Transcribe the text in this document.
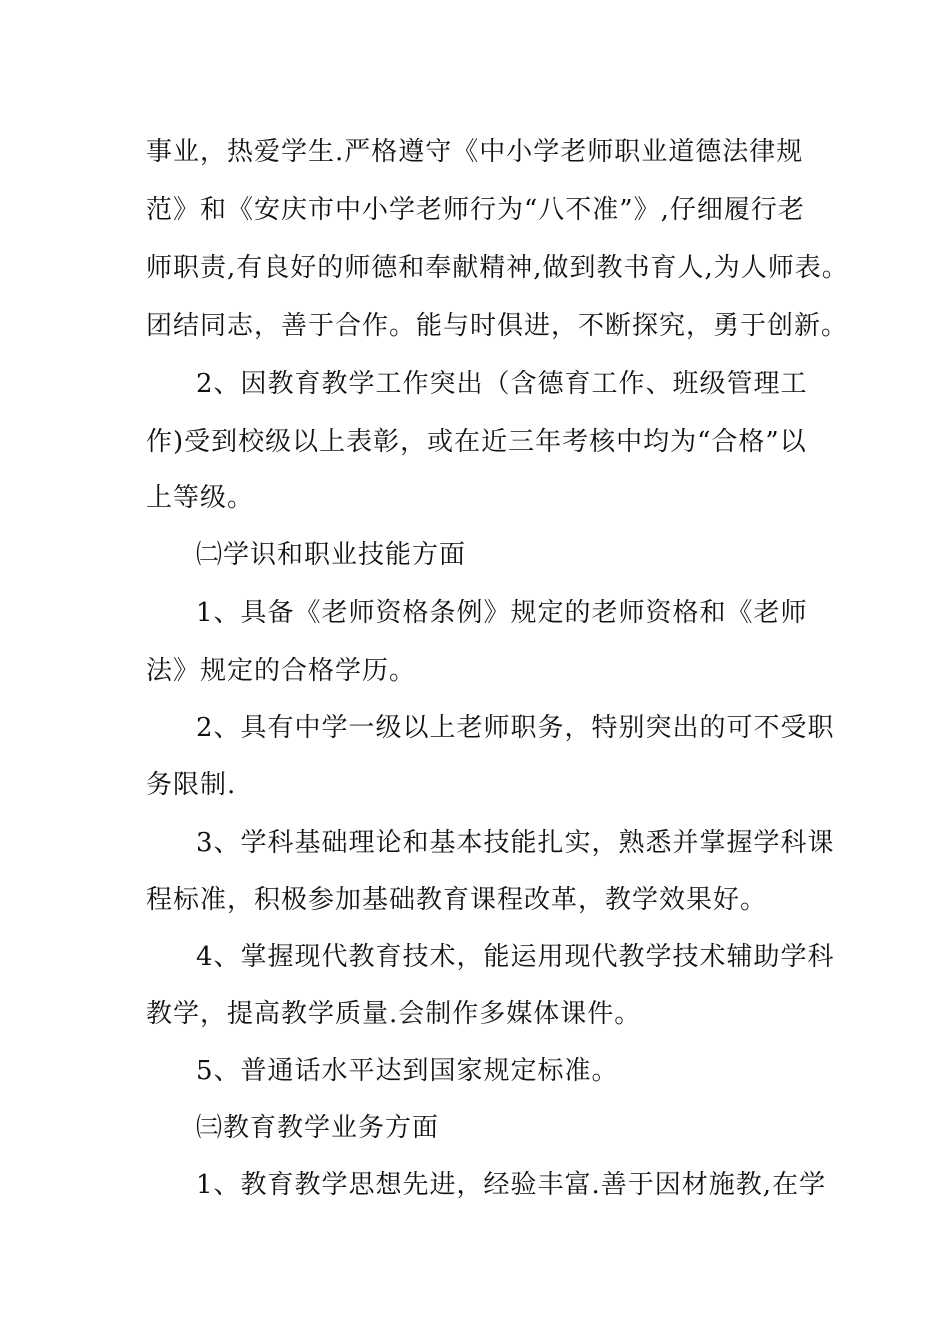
事业，热爱学生.严格遵守《中小学老师职业道德法律规
范》和《安庆市中小学老师行为“八不准”》,仔细履行老
师职责,有良好的师德和奉献精神,做到教书育人,为人师表。
团结同志，善于合作。能与时俱进，不断探究，勇于创新。
2、因教育教学工作突出（含德育工作、班级管理工
作)受到校级以上表彰，或在近三年考核中均为“合格”以
上等级。
㈡学识和职业技能方面
1、具备《老师资格条例》规定的老师资格和《老师
法》规定的合格学历。
2、具有中学一级以上老师职务，特别突出的可不受职
务限制.
3、学科基础理论和基本技能扎实，熟悉并掌握学科课
程标准，积极参加基础教育课程改革，教学效果好。
4、掌握现代教育技术，能运用现代教学技术辅助学科
教学，提高教学质量.会制作多媒体课件。
5、普通话水平达到国家规定标准。
㈢教育教学业务方面
1、教育教学思想先进，经验丰富.善于因材施教,在学
